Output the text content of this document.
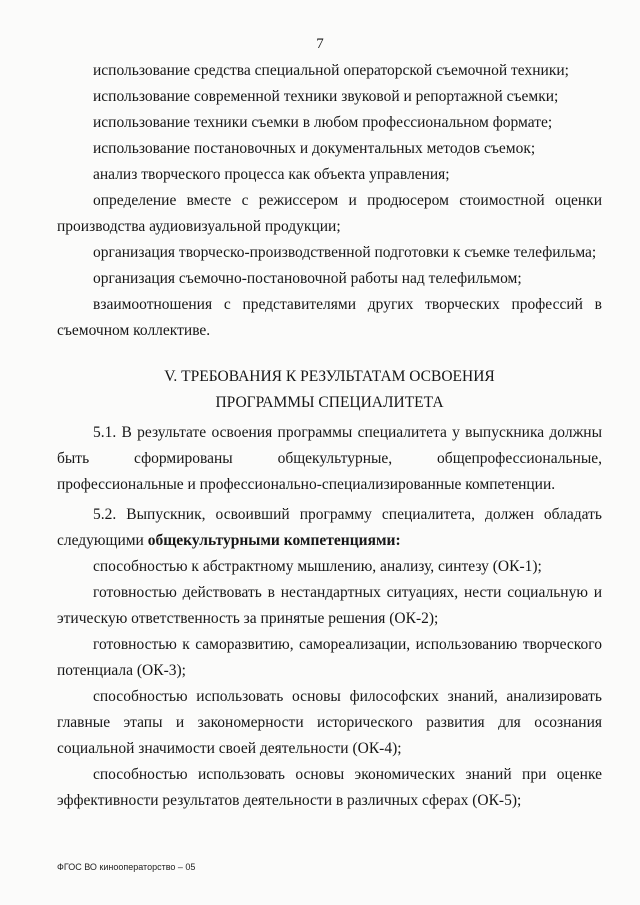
7

использование средства специальной операторской съемочной техники;

использование современной техники звуковой и репортажной съемки;

использование техники съемки в любом профессиональном формате;

использование постановочных и документальных методов съемок;

анализ творческого процесса как объекта управления;

определение вместе с режиссером и продюсером стоимостной оценки производства аудиовизуальной продукции;

организация творческо-производственной подготовки к съемке телефильма;

организация съемочно-постановочной работы над телефильмом;

взаимоотношения с представителями других творческих профессий в съемочном коллективе.

V. ТРЕБОВАНИЯ К РЕЗУЛЬТАТАМ ОСВОЕНИЯ

ПРОГРАММЫ СПЕЦИАЛИТЕТА

5.1. В результате освоения программы специалитета у выпускника должны быть сформированы общекультурные, общепрофессиональные, профессиональные и профессионально-специализированные компетенции.

5.2. Выпускник, освоивший программу специалитета, должен обладать следующими общекультурными компетенциями:

способностью к абстрактному мышлению, анализу, синтезу (ОК-1);

готовностью действовать в нестандартных ситуациях, нести социальную и этическую ответственность за принятые решения (ОК-2);

готовностью к саморазвитию, самореализации, использованию творческого потенциала (ОК-3);

способностью использовать основы философских знаний, анализировать главные этапы и закономерности исторического развития для осознания социальной значимости своей деятельности (ОК-4);

способностью использовать основы экономических знаний при оценке эффективности результатов деятельности в различных сферах (ОК-5);

ФГОС ВО кинооператорство – 05
